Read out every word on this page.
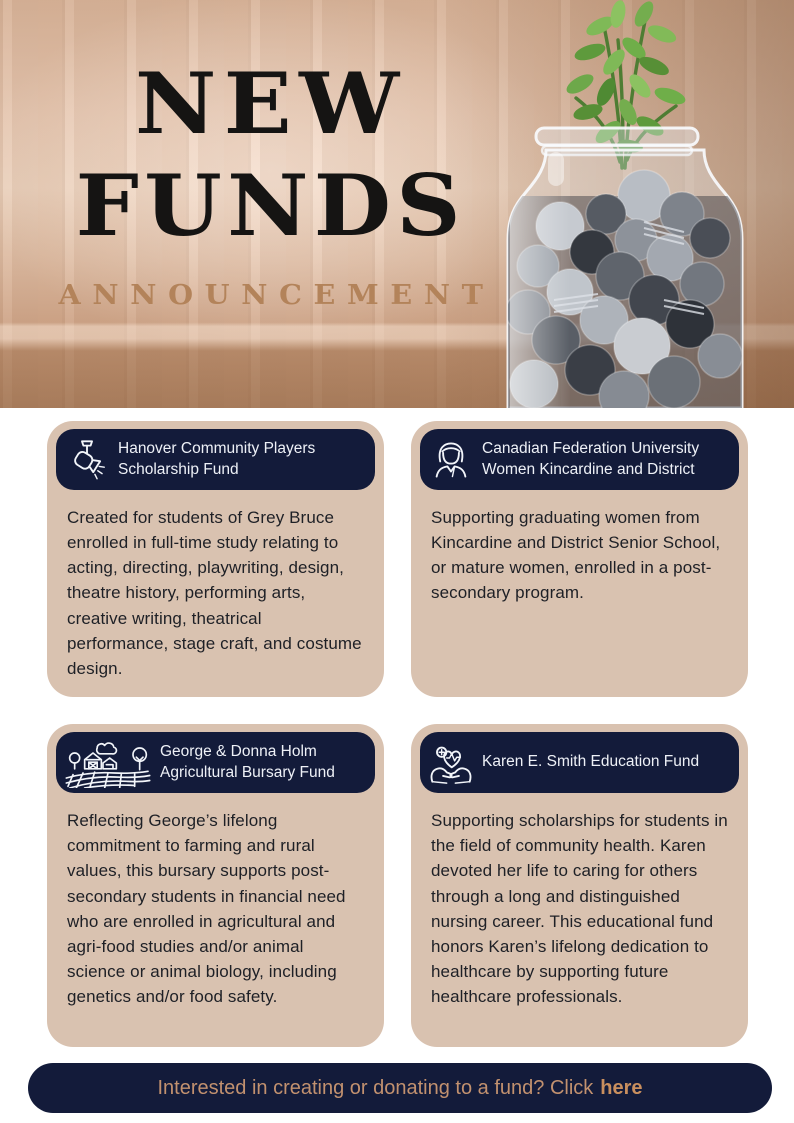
NEW
FUNDS
ANNOUNCEMENT
Hanover Community Players Scholarship Fund

Created for students of Grey Bruce enrolled in full-time study relating to acting, directing, playwriting, design, theatre history, performing arts, creative writing, theatrical performance, stage craft, and costume design.

Canadian Federation University Women Kincardine and District

Supporting graduating women from Kincardine and District Senior School, or mature women, enrolled in a post-secondary program.

George & Donna Holm Agricultural Bursary Fund

Reflecting George’s lifelong commitment to farming and rural values, this bursary supports post-secondary students in financial need who are enrolled in agricultural and agri-food studies and/or animal science or animal biology, including genetics and/or food safety.

Karen E. Smith Education Fund

Supporting scholarships for students in the field of community health. Karen devoted her life to caring for others through a long and distinguished nursing career. This educational fund honors Karen’s lifelong dedication to healthcare by supporting future healthcare professionals.

Interested in creating or donating to a fund? Click here
